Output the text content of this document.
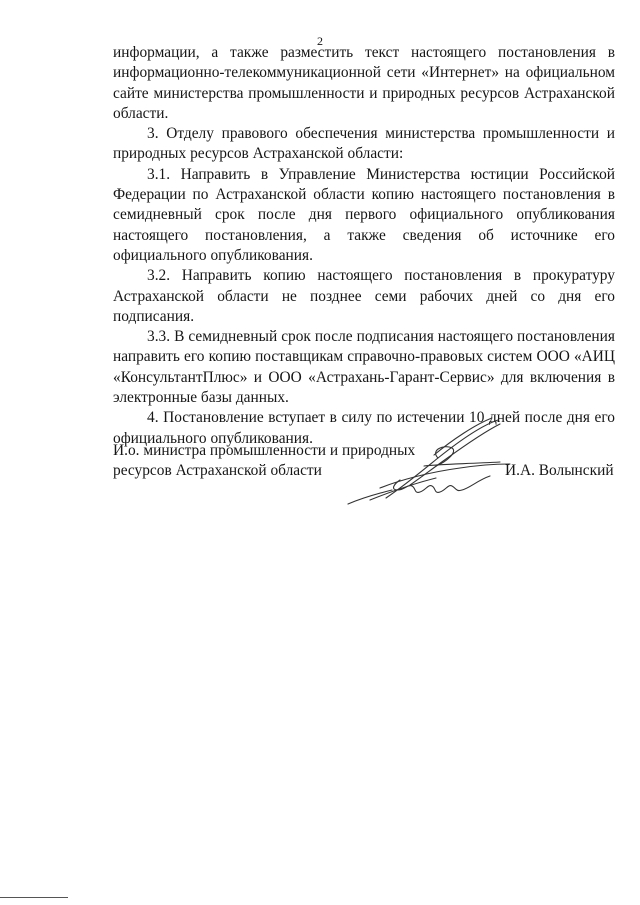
2

информации, а также разместить текст настоящего постановления в информационно-телекоммуникационной сети «Интернет» на официальном сайте министерства промышленности и природных ресурсов Астраханской области.

3. Отделу правового обеспечения министерства промышленности и природных ресурсов Астраханской области:

3.1. Направить в Управление Министерства юстиции Российской Федерации по Астраханской области копию настоящего постановления в семидневный срок после дня первого официального опубликования настоящего постановления, а также сведения об источнике его официального опубликования.

3.2. Направить копию настоящего постановления в прокуратуру Астраханской области не позднее семи рабочих дней со дня его подписания.

3.3. В семидневный срок после подписания настоящего постановления направить его копию поставщикам справочно-правовых систем ООО «АИЦ «КонсультантПлюс» и ООО «Астрахань-Гарант-Сервис» для включения в электронные базы данных.

4. Постановление вступает в силу по истечении 10 дней после дня его официального опубликования.

И.о. министра промышленности и природных
ресурсов Астраханской области	И.А. Волынский
